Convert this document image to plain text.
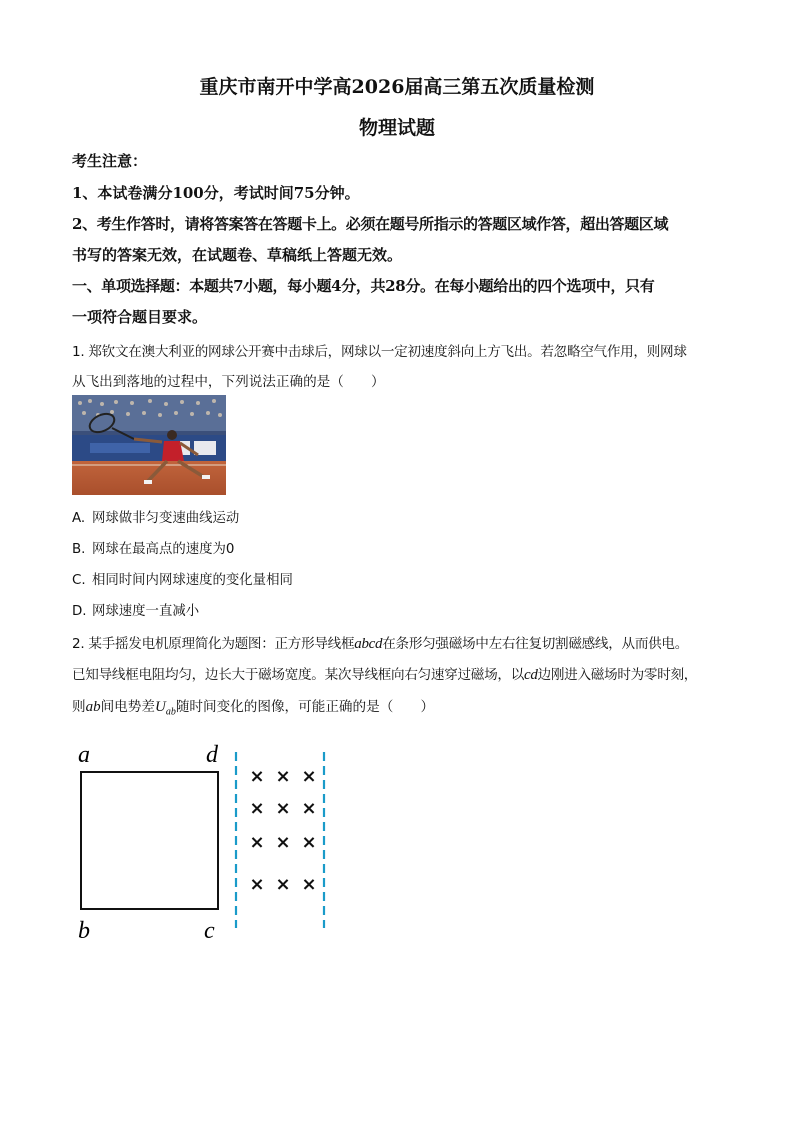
重庆市南开中学高2026届高三第五次质量检测
物理试题
考生注意：
1、本试卷满分100分，考试时间75分钟。
2、考生作答时，请将答案答在答题卡上。必须在题号所指示的答题区域作答，超出答题区域
书写的答案无效，在试题卷、草稿纸上答题无效。
一、单项选择题：本题共7小题，每小题4分，共28分。在每小题给出的四个选项中，只有
一项符合题目要求。
1. 郑钦文在澳大利亚的网球公开赛中击球后，网球以一定初速度斜向上方飞出。若忽略空气作用，则网球
从飞出到落地的过程中，下列说法正确的是（　　）
A. 网球做非匀变速曲线运动
B. 网球在最高点的速度为0
C. 相同时间内网球速度的变化量相同
D. 网球速度一直减小
2. 某手摇发电机原理简化为题图：正方形导线框abcd在条形匀强磁场中左右往复切割磁感线，从而供电。
已知导线框电阻均匀，边长大于磁场宽度。某次导线框向右匀速穿过磁场，以cd边刚进入磁场时为零时刻，
则ab间电势差$U_{ab}$随时间变化的图像，可能正确的是（　　）
a	d
b	c
× × ×
× × ×
× × ×
× × ×
